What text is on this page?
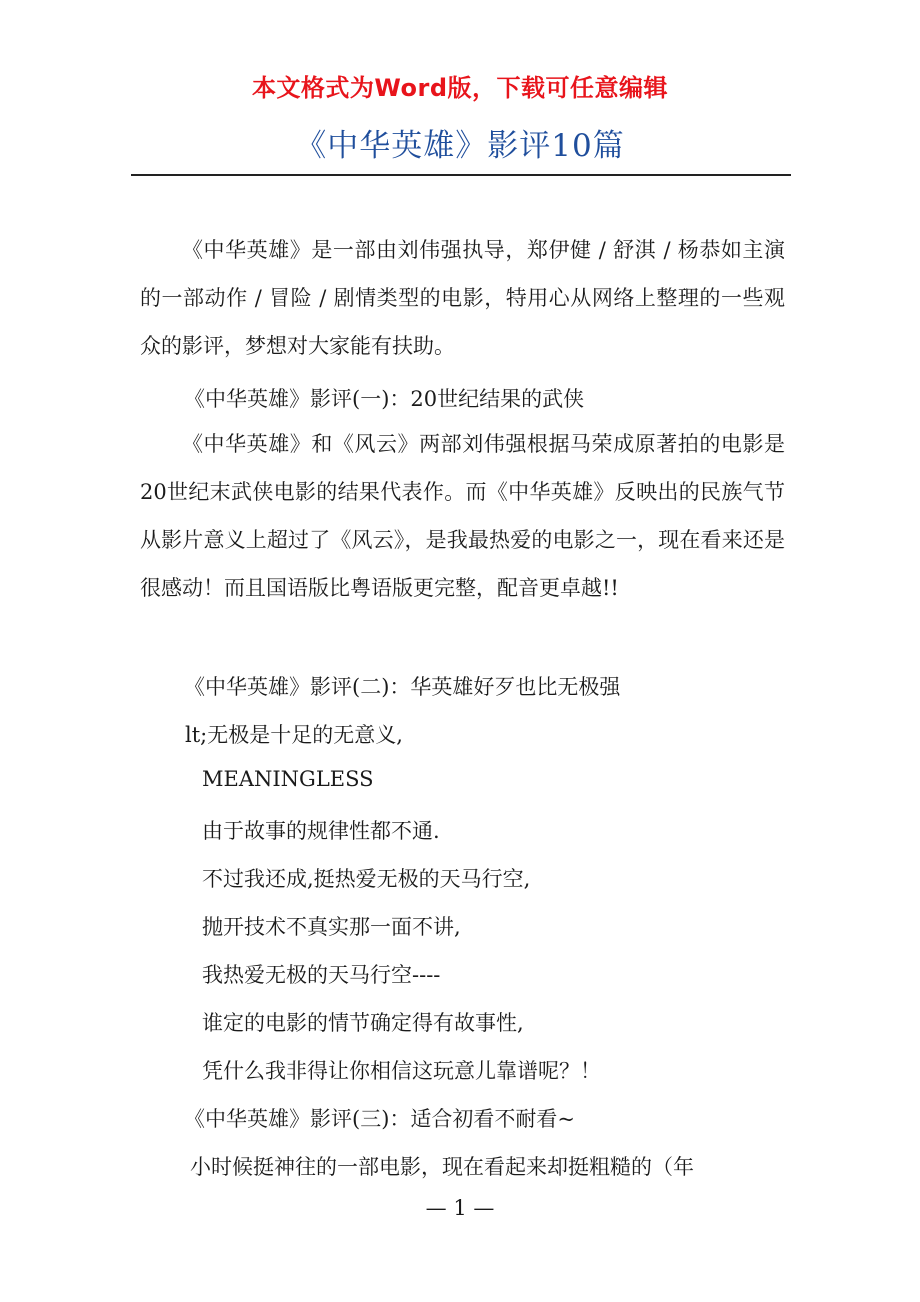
本文格式为Word版，下载可任意编辑
《中华英雄》影评10篇

《中华英雄》是一部由刘伟强执导，郑伊健 / 舒淇 / 杨恭如主演的一部动作 / 冒险 / 剧情类型的电影，特用心从网络上整理的一些观众的影评，梦想对大家能有扶助。

《中华英雄》影评(一)：20世纪结果的武侠

《中华英雄》和《风云》两部刘伟强根据马荣成原著拍的电影是20世纪末武侠电影的结果代表作。而《中华英雄》反映出的民族气节从影片意义上超过了《风云》，是我最热爱的电影之一，现在看来还是很感动！而且国语版比粤语版更完整，配音更卓越!!

《中华英雄》影评(二)：华英雄好歹也比无极强

lt;无极是十足的无意义,

MEANINGLESS

由于故事的规律性都不通.

不过我还成,挺热爱无极的天马行空,

抛开技术不真实那一面不讲,

我热爱无极的天马行空----

谁定的电影的情节确定得有故事性,

凭什么我非得让你相信这玩意儿靠谱呢？！

《中华英雄》影评(三)：适合初看不耐看~

小时候挺神往的一部电影，现在看起来却挺粗糙的（年

— 1 —
